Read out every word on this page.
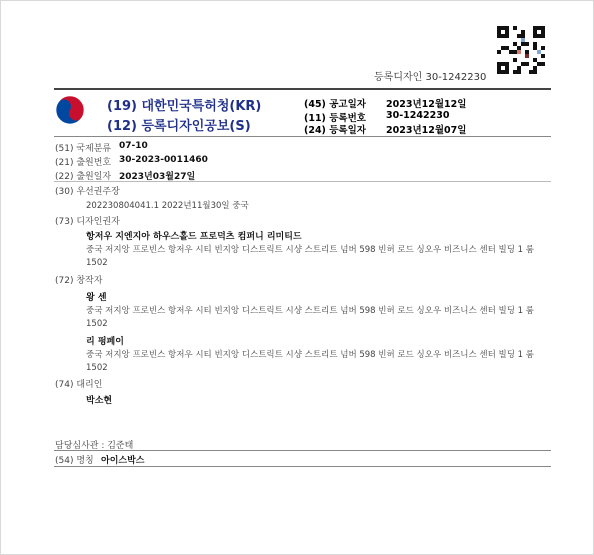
등록디자인 30-1242230
(19) 대한민국특허청(KR)
(12) 등록디자인공보(S)
(45) 공고일자 2023년12월12일
(11) 등록번호 30-1242230
(24) 등록일자 2023년12월07일
(51) 국제분류 07-10
(21) 출원번호 30-2023-0011460
(22) 출원일자 2023년03월27일
(30) 우선권주장
202230804041.1 2022년11월30일 중국
(73) 디자인권자
항저우 지엔지아 하우스홀드 프로덕츠 컴퍼니 리미티드
중국 저지앙 프로빈스 항저우 시티 빈지앙 디스트릭트 시샹 스트리트 넘버 598 빈허 로드 싱오우 비즈니스 센터 빌딩 1 룸 1502
(72) 창작자
왕 센
중국 저지앙 프로빈스 항저우 시티 빈지앙 디스트릭트 시샹 스트리트 넘버 598 빈허 로드 싱오우 비즈니스 센터 빌딩 1 룸 1502
리 펑페이
중국 저지앙 프로빈스 항저우 시티 빈지앙 디스트릭트 시샹 스트리트 넘버 598 빈허 로드 싱오우 비즈니스 센터 빌딩 1 룸 1502
(74) 대리인
박소현
담당심사관 : 김준태
(54) 명칭 아이스박스
